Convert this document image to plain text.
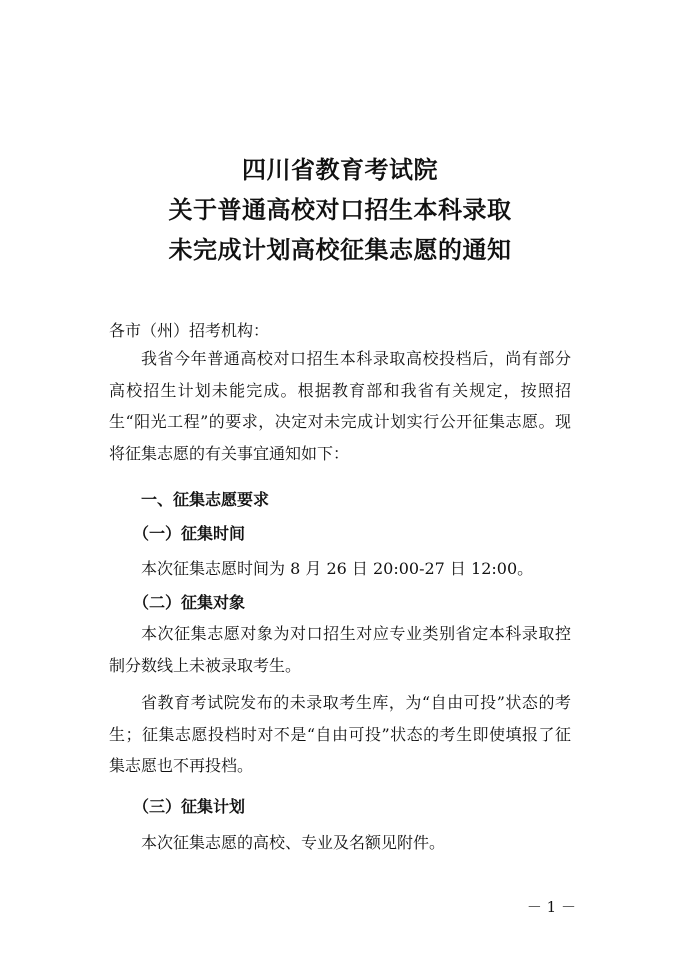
四川省教育考试院
关于普通高校对口招生本科录取
未完成计划高校征集志愿的通知
各市（州）招考机构：
我省今年普通高校对口招生本科录取高校投档后，尚有部分高校招生计划未能完成。根据教育部和我省有关规定，按照招生“阳光工程”的要求，决定对未完成计划实行公开征集志愿。现将征集志愿的有关事宜通知如下：
一、征集志愿要求
（一）征集时间
本次征集志愿时间为 8 月 26 日 20:00-27 日 12:00。
（二）征集对象
本次征集志愿对象为对口招生对应专业类别省定本科录取控制分数线上未被录取考生。
省教育考试院发布的未录取考生库，为“自由可投”状态的考生；征集志愿投档时对不是“自由可投”状态的考生即使填报了征集志愿也不再投档。
（三）征集计划
本次征集志愿的高校、专业及名额见附件。
－ 1 －
